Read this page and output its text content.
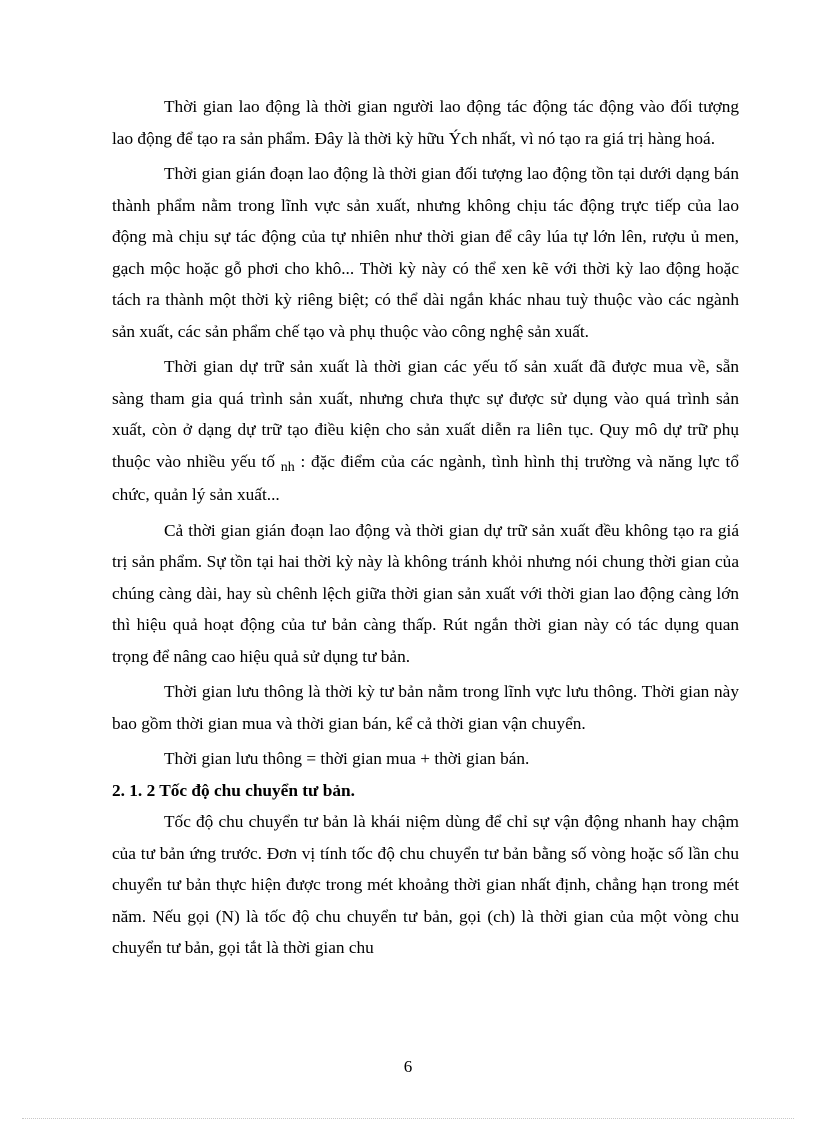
Thời gian lao động là thời gian người lao động tác động tác động vào đối tượng lao động để tạo ra sản phẩm. Đây là thời kỳ hữu Ých nhất, vì nó tạo ra giá trị hàng hoá.

Thời gian gián đoạn lao động là thời gian đối tượng lao động tồn tại dưới dạng bán thành phẩm nằm trong lĩnh vực sản xuất, nhưng không chịu tác động trực tiếp của lao động mà chịu sự tác động của tự nhiên như thời gian để cây lúa tự lớn lên, rượu ủ men, gạch mộc hoặc gỗ phơi cho khô... Thời kỳ này có thể xen kẽ với thời kỳ lao động hoặc tách ra thành một thời kỳ riêng biệt; có thể dài ngắn khác nhau tuỳ thuộc vào các ngành sản xuất, các sản phẩm chế tạo và phụ thuộc vào công nghệ sản xuất.

Thời gian dự trữ sản xuất là thời gian các yếu tố sản xuất đã được mua về, sẵn sàng tham gia quá trình sản xuất, nhưng chưa thực sự được sử dụng vào quá trình sản xuất, còn ở dạng dự trữ tạo điều kiện cho sản xuất diễn ra liên tục. Quy mô dự trữ phụ thuộc vào nhiều yếu tố $_{nh}$ : đặc điểm của các ngành, tình hình thị trường và năng lực tổ chức, quản lý sản xuất...

Cả thời gian gián đoạn lao động và thời gian dự trữ sản xuất đều không tạo ra giá trị sản phẩm. Sự tồn tại hai thời kỳ này là không tránh khỏi nhưng nói chung thời gian của chúng càng dài, hay sù chênh lệch giữa thời gian sản xuất với thời gian lao động càng lớn thì hiệu quả hoạt động của tư bản càng thấp. Rút ngắn thời gian này có tác dụng quan trọng để nâng cao hiệu quả sử dụng tư bản.

Thời gian lưu thông là thời kỳ tư bản nằm trong lĩnh vực lưu thông. Thời gian này bao gồm thời gian mua và thời gian bán, kể cả thời gian vận chuyển.

Thời gian lưu thông = thời gian mua + thời gian bán.

2. 1. 2 Tốc độ chu chuyển tư bản.

Tốc độ chu chuyển tư bản là khái niệm dùng để chỉ sự vận động nhanh hay chậm của tư bản ứng trước. Đơn vị tính tốc độ chu chuyển tư bản bằng số vòng hoặc số lần chu chuyển tư bản thực hiện được trong mét khoảng thời gian nhất định, chẳng hạn trong mét năm. Nếu gọi (N) là tốc độ chu chuyển tư bản, gọi (ch) là thời gian của một vòng chu chuyển tư bản, gọi tắt là thời gian chu

6
